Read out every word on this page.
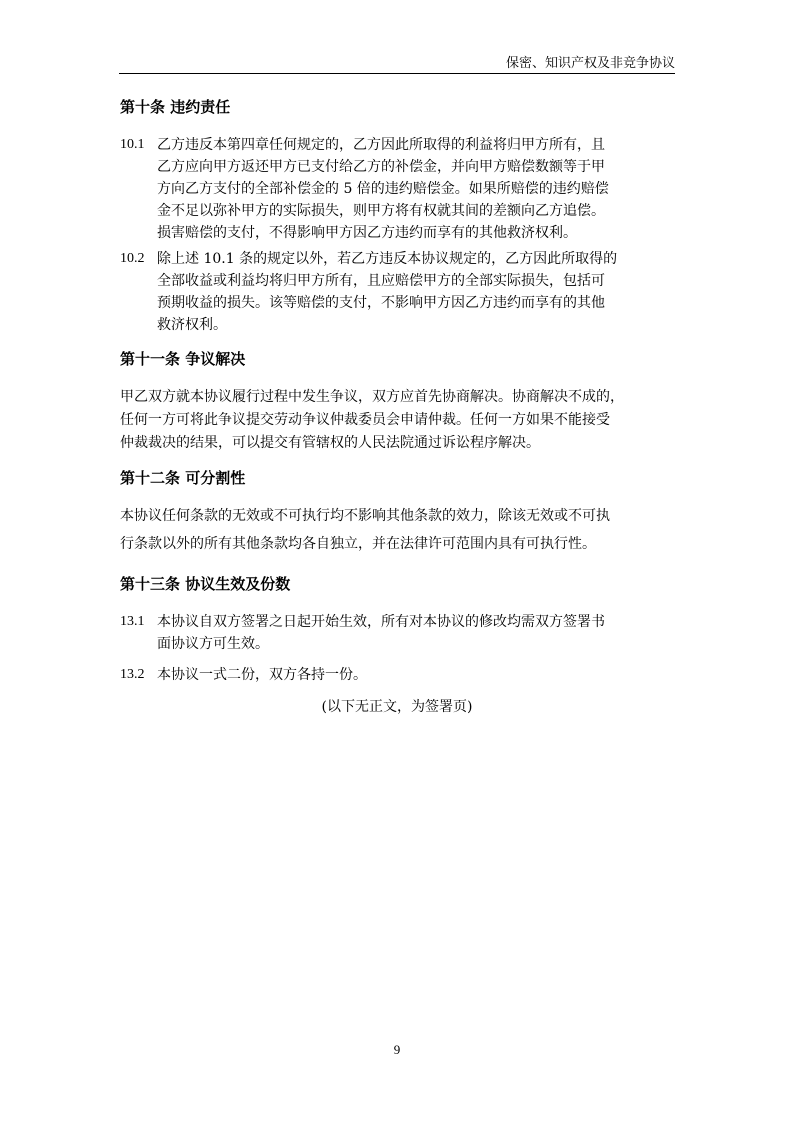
保密、知识产权及非竞争协议
第十条 违约责任
10.1 乙方违反本第四章任何规定的，乙方因此所取得的利益将归甲方所有，且
乙方应向甲方返还甲方已支付给乙方的补偿金，并向甲方赔偿数额等于甲
方向乙方支付的全部补偿金的 5 倍的违约赔偿金。如果所赔偿的违约赔偿
金不足以弥补甲方的实际损失，则甲方将有权就其间的差额向乙方追偿。
损害赔偿的支付，不得影响甲方因乙方违约而享有的其他救济权利。
10.2 除上述 10.1 条的规定以外，若乙方违反本协议规定的，乙方因此所取得的
全部收益或利益均将归甲方所有，且应赔偿甲方的全部实际损失，包括可
预期收益的损失。该等赔偿的支付，不影响甲方因乙方违约而享有的其他
救济权利。
第十一条 争议解决
甲乙双方就本协议履行过程中发生争议，双方应首先协商解决。协商解决不成的，
任何一方可将此争议提交劳动争议仲裁委员会申请仲裁。任何一方如果不能接受
仲裁裁决的结果，可以提交有管辖权的人民法院通过诉讼程序解决。
第十二条 可分割性
本协议任何条款的无效或不可执行均不影响其他条款的效力，除该无效或不可执
行条款以外的所有其他条款均各自独立，并在法律许可范围内具有可执行性。
第十三条 协议生效及份数
13.1 本协议自双方签署之日起开始生效，所有对本协议的修改均需双方签署书
面协议方可生效。
13.2 本协议一式二份，双方各持一份。
(以下无正文，为签署页)
9
